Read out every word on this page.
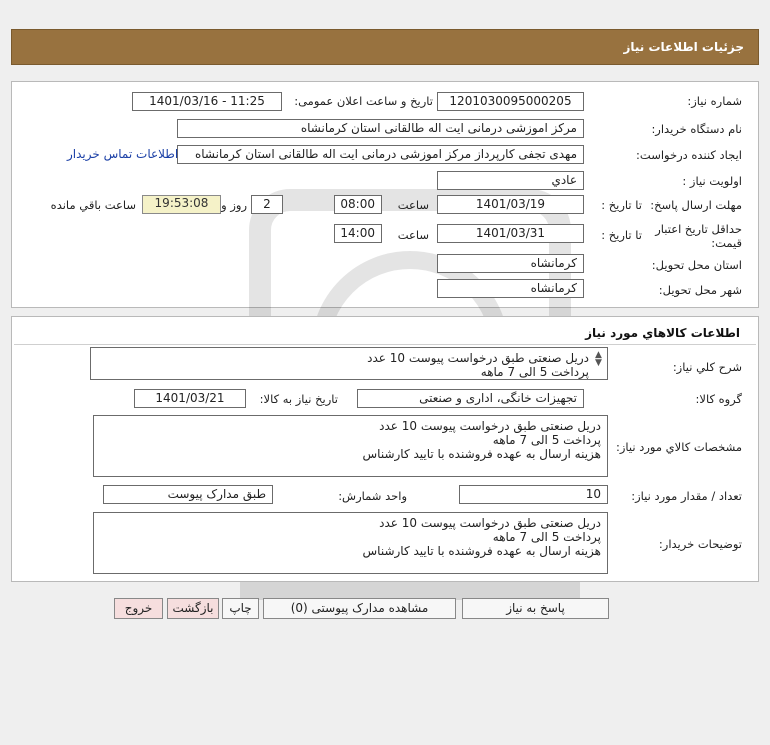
جزئیات اطلاعات نیاز
شماره نیاز:
1201030095000205
تاریخ و ساعت اعلان عمومی:
1401/03/16 - 11:25
نام دستگاه خریدار:
مرکز اموزشی درمانی ایت اله طالقانی استان کرمانشاه
ایجاد کننده درخواست:
مهدی تجفی کارپرداز مرکز اموزشی درمانی ایت اله طالقانی استان کرمانشاه
اطلاعات تماس خریدار
اولویت نیاز :
عادي
مهلت ارسال پاسخ:
تا تاریخ :
1401/03/19
ساعت
08:00
2
روز و
19:53:08
ساعت باقي مانده
حداقل تاریخ اعتبار
قیمت:
تا تاریخ :
1401/03/31
ساعت
14:00
استان محل تحویل:
کرمانشاه
شهر محل تحویل:
کرمانشاه
اطلاعات کالاهاي مورد نياز
شرح کلي نياز:
دریل صنعتی طبق درخواست پیوست 10 عدد
پرداخت 5 الی 7 ماهه
▲
▼
گروه کالا:
تجهیزات خانگی، اداری و صنعتی
تاریخ نیاز به کالا:
1401/03/21
مشخصات کالاي مورد نياز:
دریل صنعتی طبق درخواست پیوست 10 عدد
پرداخت 5 الی 7 ماهه
هزینه ارسال به عهده فروشنده با تایید کارشناس
تعداد / مقدار مورد نیاز:
10
واحد شمارش:
طبق مدارک پیوست
توضیحات خریدار:
دریل صنعتی طبق درخواست پیوست 10 عدد
پرداخت 5 الی 7 ماهه
هزینه ارسال به عهده فروشنده با تایید کارشناس
پاسخ به نیاز
مشاهده مدارک پیوستی (0)
چاپ
بازگشت
خروج
